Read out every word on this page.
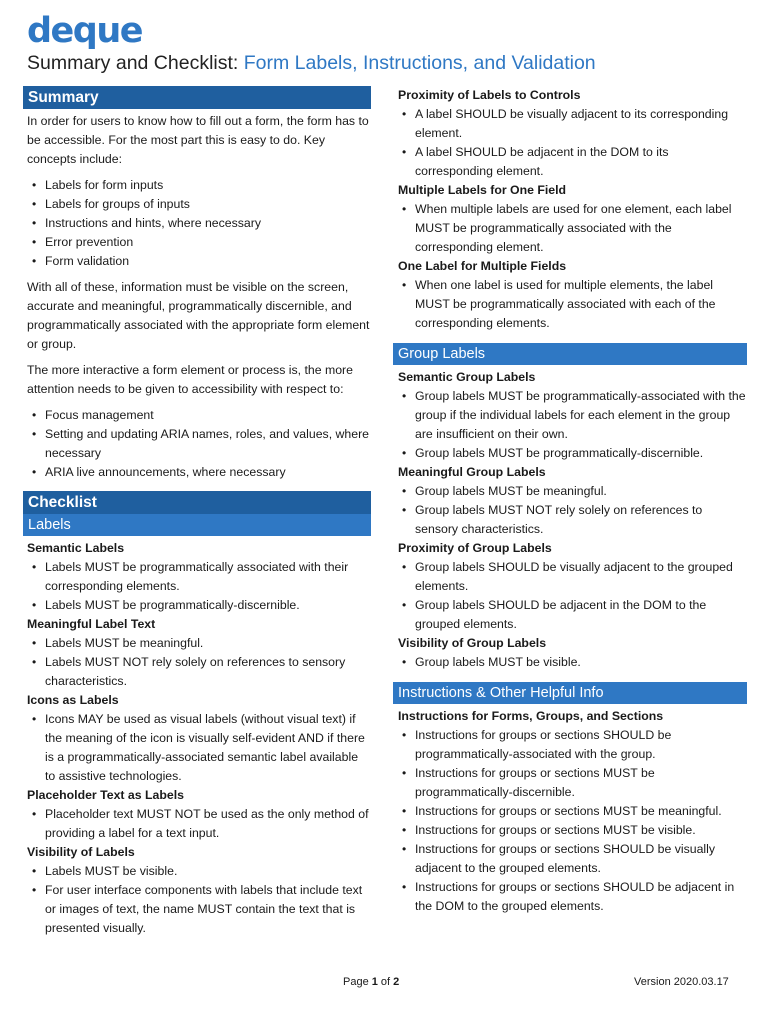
deque
Summary and Checklist: Form Labels, Instructions, and Validation
Summary

In order for users to know how to fill out a form, the form has to be accessible. For the most part this is easy to do. Key concepts include:

• Labels for form inputs
• Labels for groups of inputs
• Instructions and hints, where necessary
• Error prevention
• Form validation

With all of these, information must be visible on the screen, accurate and meaningful, programmatically discernible, and programmatically associated with the appropriate form element or group.

The more interactive a form element or process is, the more attention needs to be given to accessibility with respect to:

• Focus management
• Setting and updating ARIA names, roles, and values, where necessary
• ARIA live announcements, where necessary
Checklist
Labels
Semantic Labels
• Labels MUST be programmatically associated with their corresponding elements.
• Labels MUST be programmatically-discernible.
Meaningful Label Text
• Labels MUST be meaningful.
• Labels MUST NOT rely solely on references to sensory characteristics.
Icons as Labels
• Icons MAY be used as visual labels (without visual text) if the meaning of the icon is visually self-evident AND if there is a programmatically-associated semantic label available to assistive technologies.
Placeholder Text as Labels
• Placeholder text MUST NOT be used as the only method of providing a label for a text input.
Visibility of Labels
• Labels MUST be visible.
• For user interface components with labels that include text or images of text, the name MUST contain the text that is presented visually.
Proximity of Labels to Controls
• A label SHOULD be visually adjacent to its corresponding element.
• A label SHOULD be adjacent in the DOM to its corresponding element.
Multiple Labels for One Field
• When multiple labels are used for one element, each label MUST be programmatically associated with the corresponding element.
One Label for Multiple Fields
• When one label is used for multiple elements, the label MUST be programmatically associated with each of the corresponding elements.
Group Labels
Semantic Group Labels
• Group labels MUST be programmatically-associated with the group if the individual labels for each element in the group are insufficient on their own.
• Group labels MUST be programmatically-discernible.
Meaningful Group Labels
• Group labels MUST be meaningful.
• Group labels MUST NOT rely solely on references to sensory characteristics.
Proximity of Group Labels
• Group labels SHOULD be visually adjacent to the grouped elements.
• Group labels SHOULD be adjacent in the DOM to the grouped elements.
Visibility of Group Labels
• Group labels MUST be visible.
Instructions & Other Helpful Info
Instructions for Forms, Groups, and Sections
• Instructions for groups or sections SHOULD be programmatically-associated with the group.
• Instructions for groups or sections MUST be programmatically-discernible.
• Instructions for groups or sections MUST be meaningful.
• Instructions for groups or sections MUST be visible.
• Instructions for groups or sections SHOULD be visually adjacent to the grouped elements.
• Instructions for groups or sections SHOULD be adjacent in the DOM to the grouped elements.
Page 1 of 2	Version 2020.03.17
